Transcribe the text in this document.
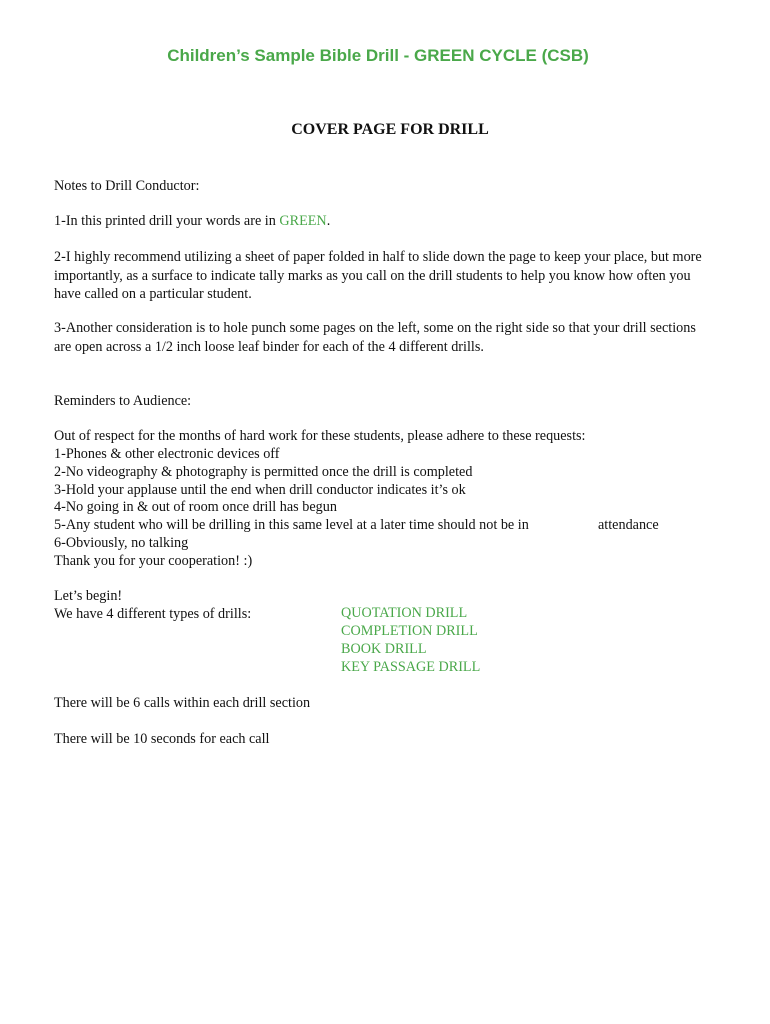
Children’s Sample Bible Drill - GREEN CYCLE (CSB)
COVER PAGE FOR DRILL
Notes to Drill Conductor:
1-In this printed drill your words are in GREEN.
2-I highly recommend utilizing a sheet of paper folded in half to slide down the page to keep your place, but more importantly, as a surface to indicate tally marks as you call on the drill students to help you know how often you have called on a particular student.
3-Another consideration is to hole punch some pages on the left, some on the right side so that your drill sections are open across a 1/2 inch loose leaf binder for each of the 4 different drills.
Reminders to Audience:
Out of respect for the months of hard work for these students, please adhere to these requests:
1-Phones & other electronic devices off
2-No videography & photography is permitted once the drill is completed
3-Hold your applause until the end when drill conductor indicates it’s ok
4-No going in & out of room once drill has begun
5-Any student who will be drilling in this same level at a later time should not be in	attendance
6-Obviously, no talking
Thank you for your cooperation! :)
Let’s begin!
We have 4 different types of drills:	QUOTATION DRILL
COMPLETION DRILL
BOOK DRILL
KEY PASSAGE DRILL
There will be 6 calls within each drill section
There will be 10 seconds for each call
